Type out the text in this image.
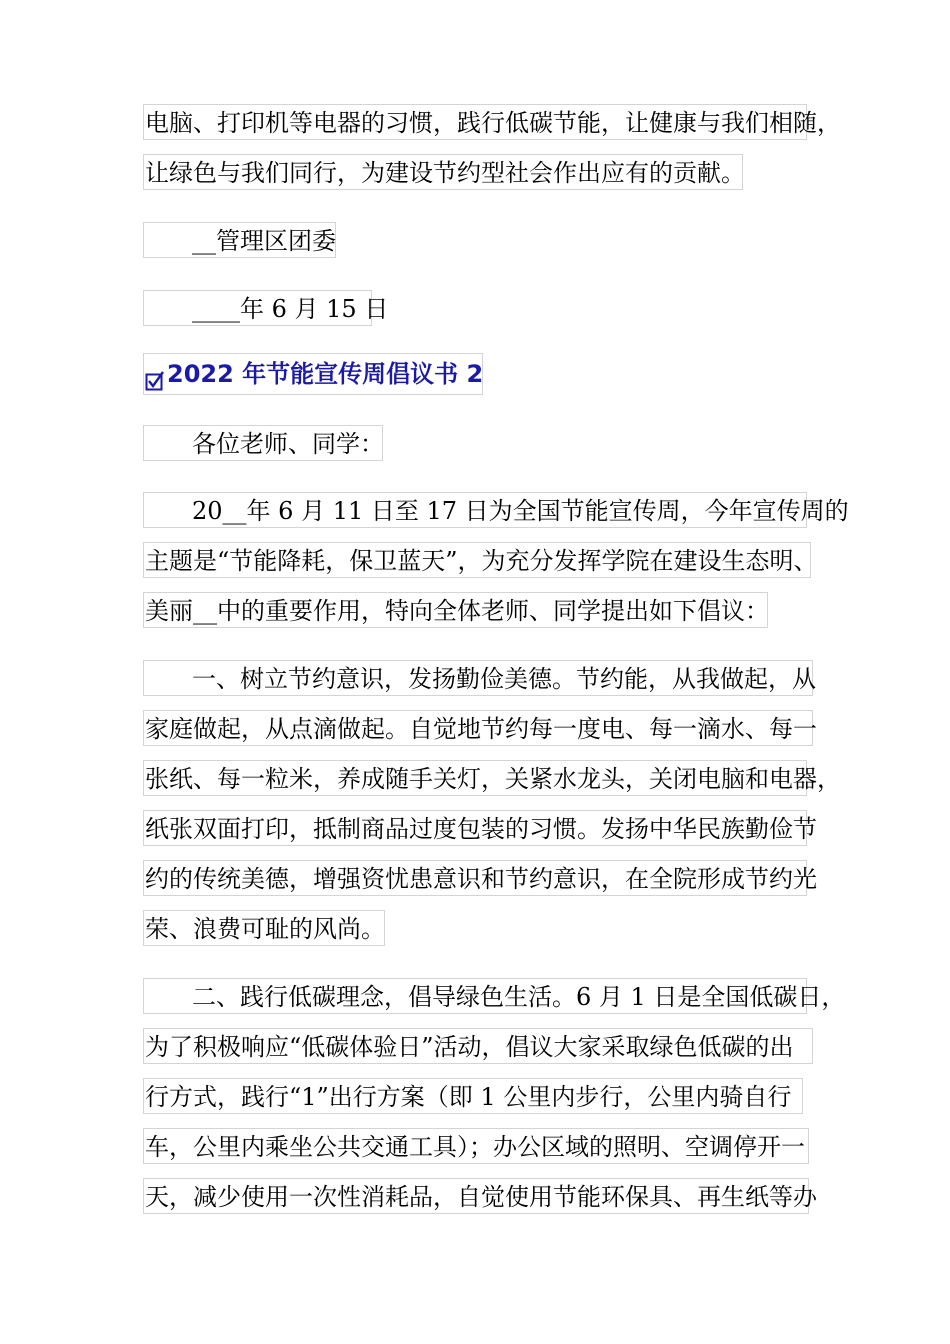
电脑、打印机等电器的习惯，践行低碳节能，让健康与我们相随，
让绿色与我们同行，为建设节约型社会作出应有的贡献。
__管理区团委
____年 6 月 15 日
2022 年节能宣传周倡议书 2
各位老师、同学：
20__年 6 月 11 日至 17 日为全国节能宣传周，今年宣传周的
主题是“节能降耗，保卫蓝天”，为充分发挥学院在建设生态明、
美丽__中的重要作用，特向全体老师、同学提出如下倡议：
一、树立节约意识，发扬勤俭美德。节约能，从我做起，从
家庭做起，从点滴做起。自觉地节约每一度电、每一滴水、每一
张纸、每一粒米，养成随手关灯，关紧水龙头，关闭电脑和电器，
纸张双面打印，抵制商品过度包装的习惯。发扬中华民族勤俭节
约的传统美德，增强资忧患意识和节约意识，在全院形成节约光
荣、浪费可耻的风尚。
二、践行低碳理念，倡导绿色生活。6 月 1 日是全国低碳日，
为了积极响应“低碳体验日”活动，倡议大家采取绿色低碳的出
行方式，践行“1”出行方案（即 1 公里内步行，公里内骑自行
车，公里内乘坐公共交通工具）；办公区域的照明、空调停开一
天，减少使用一次性消耗品，自觉使用节能环保具、再生纸等办
